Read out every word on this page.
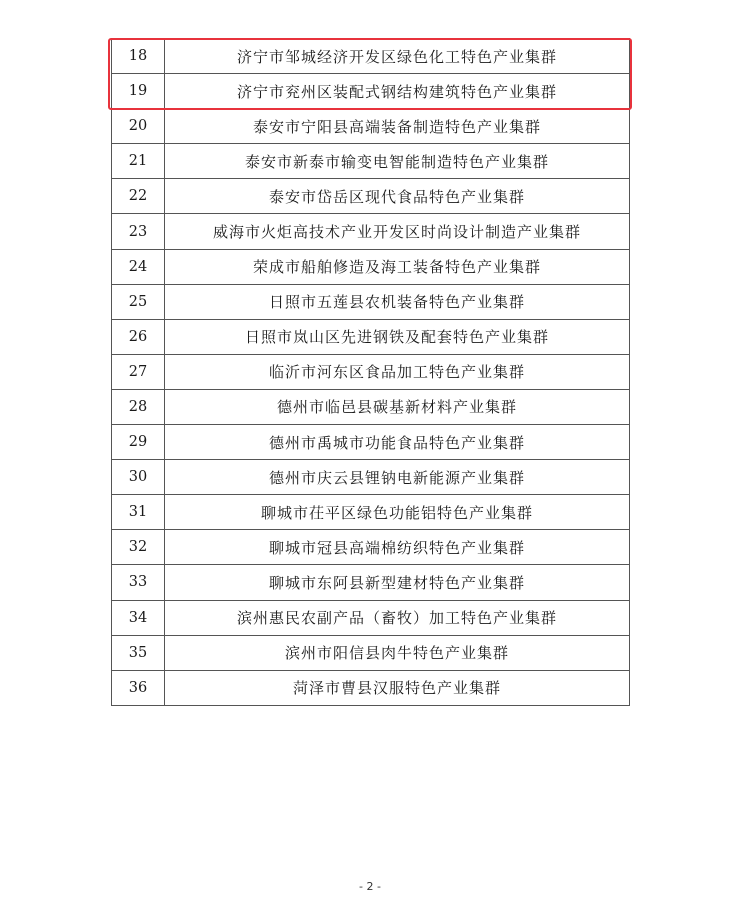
18	济宁市邹城经济开发区绿色化工特色产业集群
19	济宁市兖州区装配式钢结构建筑特色产业集群
20	泰安市宁阳县高端装备制造特色产业集群
21	泰安市新泰市输变电智能制造特色产业集群
22	泰安市岱岳区现代食品特色产业集群
23	威海市火炬高技术产业开发区时尚设计制造产业集群
24	荣成市船舶修造及海工装备特色产业集群
25	日照市五莲县农机装备特色产业集群
26	日照市岚山区先进钢铁及配套特色产业集群
27	临沂市河东区食品加工特色产业集群
28	德州市临邑县碳基新材料产业集群
29	德州市禹城市功能食品特色产业集群
30	德州市庆云县锂钠电新能源产业集群
31	聊城市茌平区绿色功能铝特色产业集群
32	聊城市冠县高端棉纺织特色产业集群
33	聊城市东阿县新型建材特色产业集群
34	滨州惠民农副产品（畜牧）加工特色产业集群
35	滨州市阳信县肉牛特色产业集群
36	菏泽市曹县汉服特色产业集群
- 2 -
